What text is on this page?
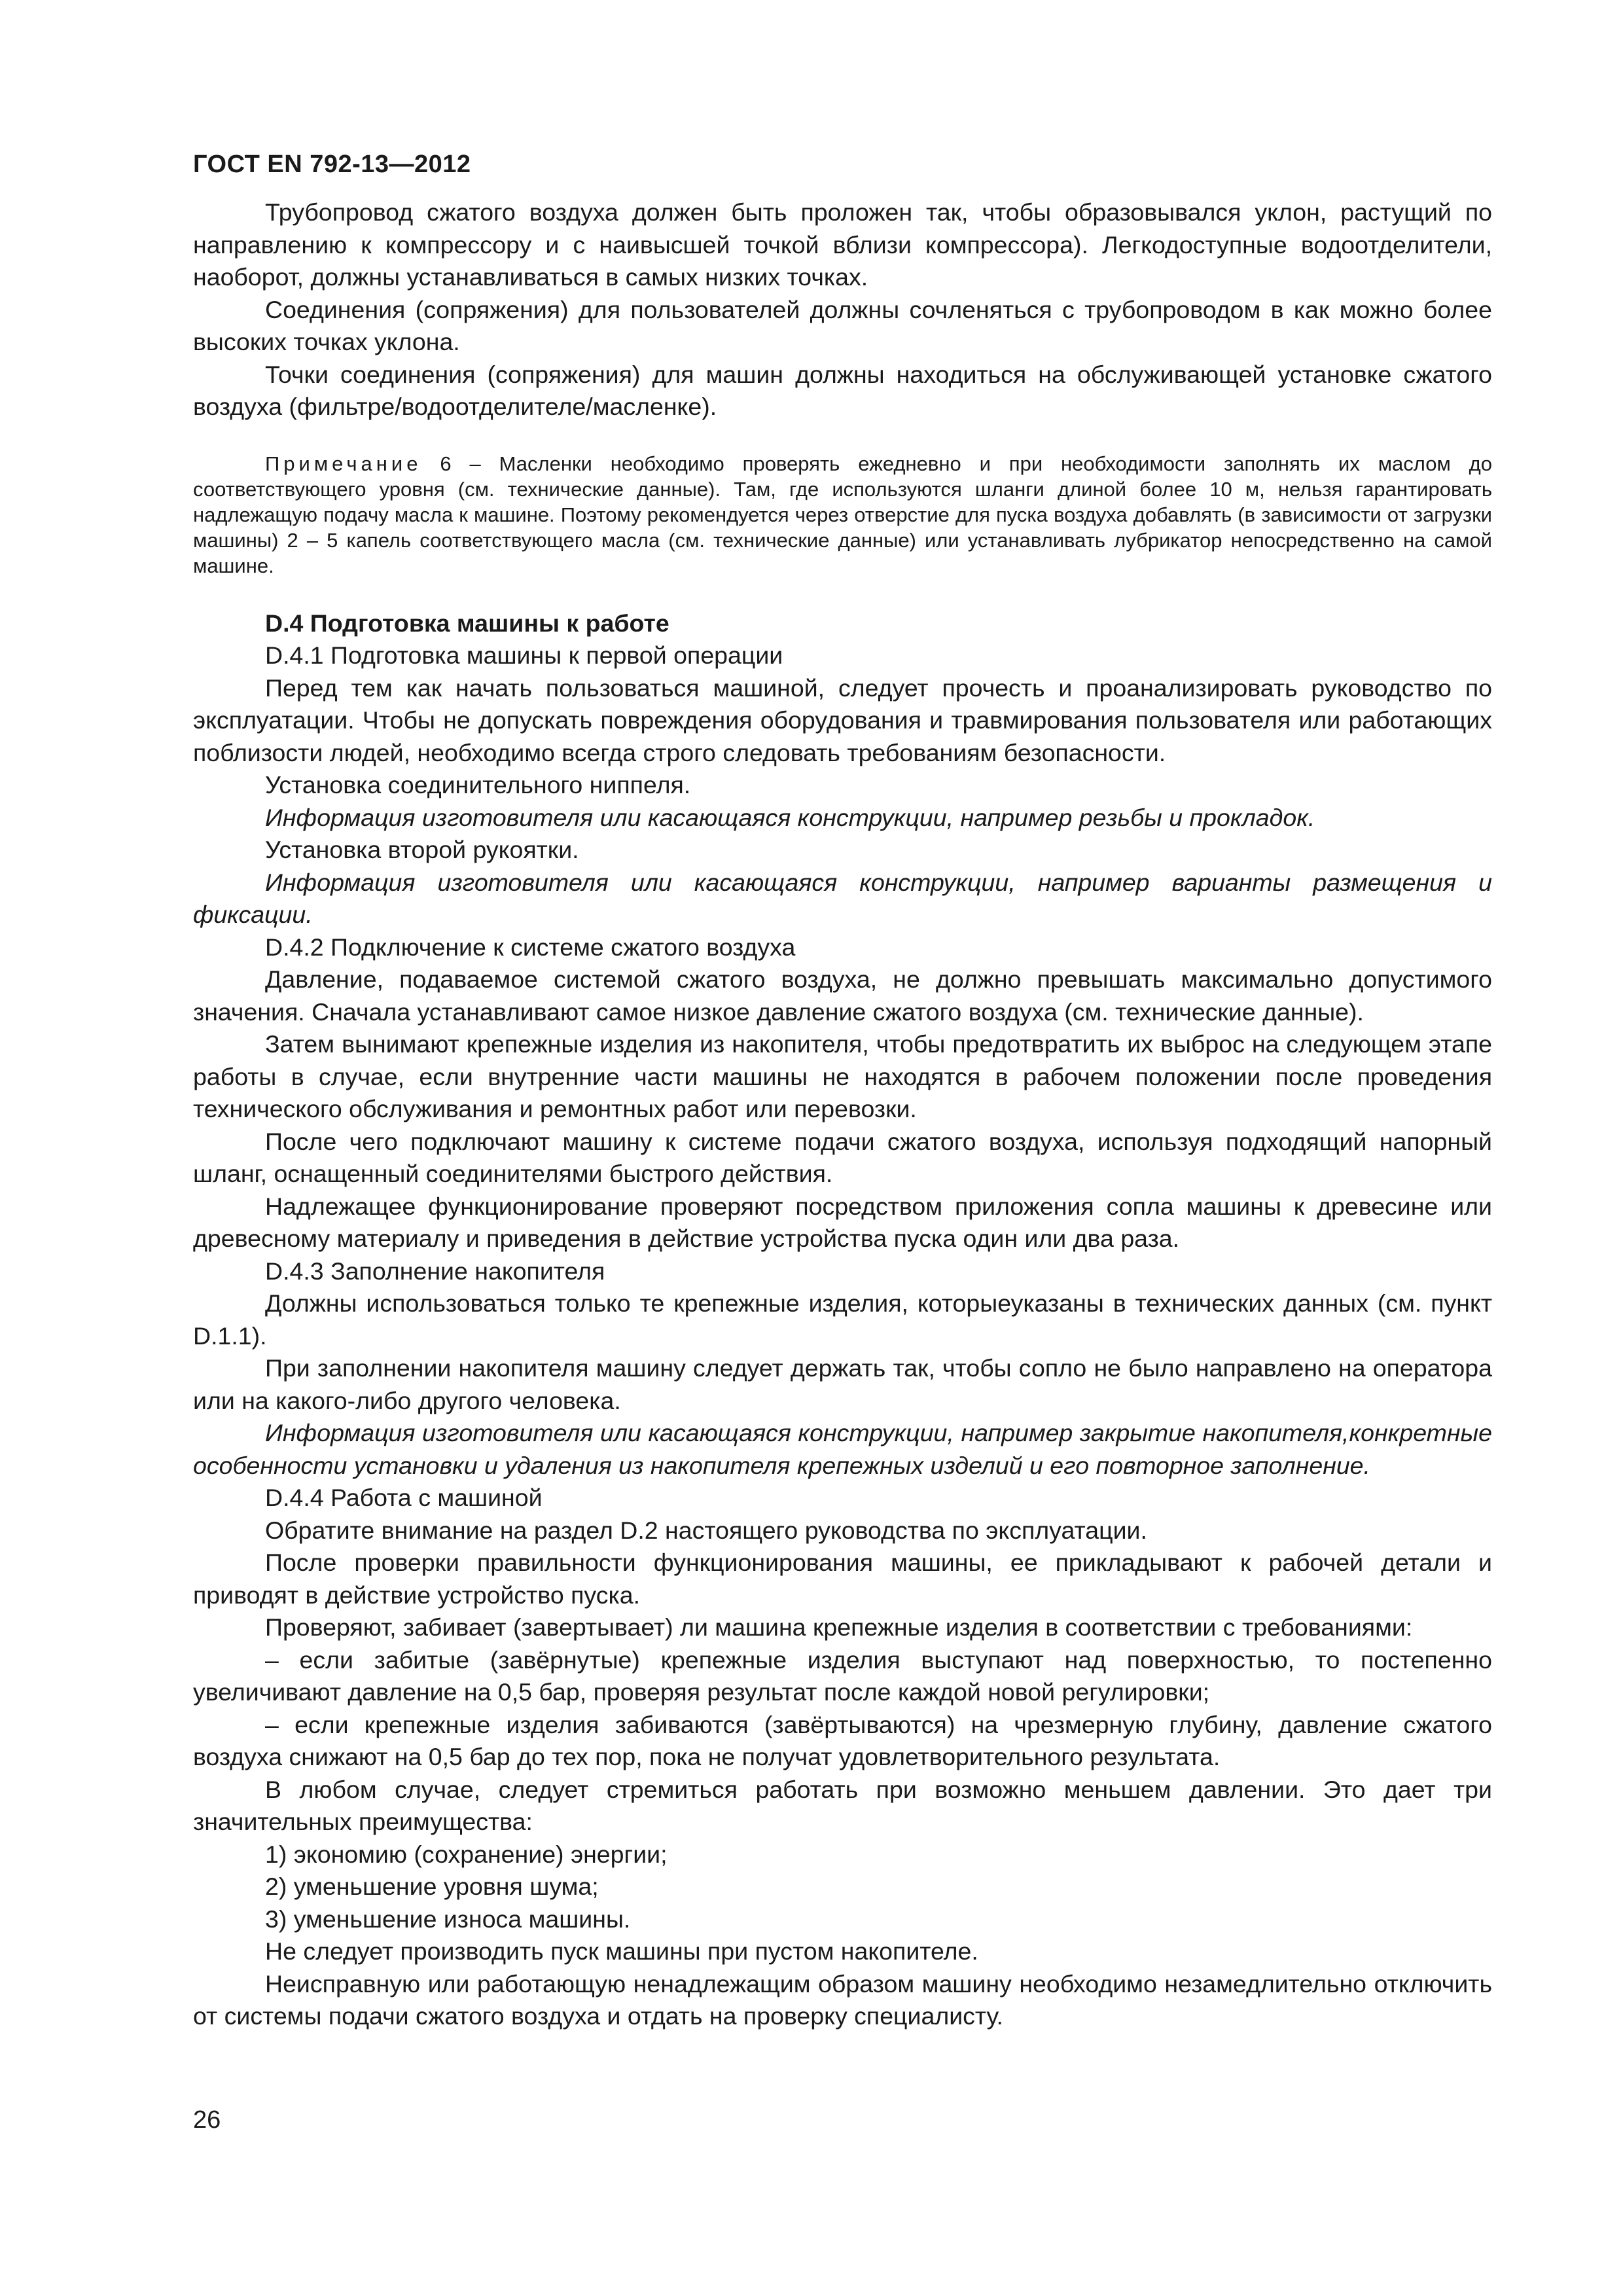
ГОСТ EN 792-13—2012

Трубопровод сжатого воздуха должен быть проложен так, чтобы образовывался уклон, растущий по направлению к компрессору и с наивысшей точкой вблизи компрессора). Легкодоступные водоотделители, наоборот, должны устанавливаться в самых низких точках.

Соединения (сопряжения) для пользователей должны сочленяться с трубопроводом в как можно более высоких точках уклона.

Точки соединения (сопряжения) для машин должны находиться на обслуживающей установке сжатого воздуха (фильтре/водоотделителе/масленке).

Примечание 6 – Масленки необходимо проверять ежедневно и при необходимости заполнять их маслом до соответствующего уровня (см. технические данные). Там, где используются шланги длиной более 10 м, нельзя гарантировать надлежащую подачу масла к машине. Поэтому рекомендуется через отверстие для пуска воздуха добавлять (в зависимости от загрузки машины) 2 – 5 капель соответствующего масла (см. технические данные) или устанавливать лубрикатор непосредственно на самой машине.

D.4 Подготовка машины к работе

D.4.1 Подготовка машины к первой операции

Перед тем как начать пользоваться машиной, следует прочесть и проанализировать руководство по эксплуатации. Чтобы не допускать повреждения оборудования и травмирования пользователя или работающих поблизости людей, необходимо всегда строго следовать требованиям безопасности.

Установка соединительного ниппеля.

Информация изготовителя или касающаяся конструкции, например резьбы и прокладок.

Установка второй рукоятки.

Информация изготовителя или касающаяся конструкции, например варианты размещения и фиксации.

D.4.2 Подключение к системе сжатого воздуха

Давление, подаваемое системой сжатого воздуха, не должно превышать максимально допустимого значения. Сначала устанавливают самое низкое давление сжатого воздуха (см. технические данные).

Затем вынимают крепежные изделия из накопителя, чтобы предотвратить их выброс на следующем этапе работы в случае, если внутренние части машины не находятся в рабочем положении после проведения технического обслуживания и ремонтных работ или перевозки.

После чего подключают машину к системе подачи сжатого воздуха, используя подходящий напорный шланг, оснащенный соединителями быстрого действия.

Надлежащее функционирование проверяют посредством приложения сопла машины к древесине или древесному материалу и приведения в действие устройства пуска один или два раза.

D.4.3 Заполнение накопителя

Должны использоваться только те крепежные изделия, которыеуказаны в технических данных (см. пункт D.1.1).

При заполнении накопителя машину следует держать так, чтобы сопло не было направлено на оператора или на какого-либо другого человека.

Информация изготовителя или касающаяся конструкции, например закрытие накопителя,конкретные особенности установки и удаления из накопителя крепежных изделий и его повторное заполнение.

D.4.4 Работа с машиной

Обратите внимание на раздел D.2 настоящего руководства по эксплуатации.

После проверки правильности функционирования машины, ее прикладывают к рабочей детали и приводят в действие устройство пуска.

Проверяют, забивает (завертывает) ли машина крепежные изделия в соответствии с требованиями:

– если забитые (завёрнутые) крепежные изделия выступают над поверхностью, то постепенно увеличивают давление на 0,5 бар, проверяя результат после каждой новой регулировки;

– если крепежные изделия забиваются (завёртываются) на чрезмерную глубину, давление сжатого воздуха снижают на 0,5 бар до тех пор, пока не получат удовлетворительного результата.

В любом случае, следует стремиться работать при возможно меньшем давлении. Это дает три значительных преимущества:

1) экономию (сохранение) энергии;

2) уменьшение уровня шума;

3) уменьшение износа машины.

Не следует производить пуск машины при пустом накопителе.

Неисправную или работающую ненадлежащим образом машину необходимо незамедлительно отключить от системы подачи сжатого воздуха и отдать на проверку специалисту.

26
